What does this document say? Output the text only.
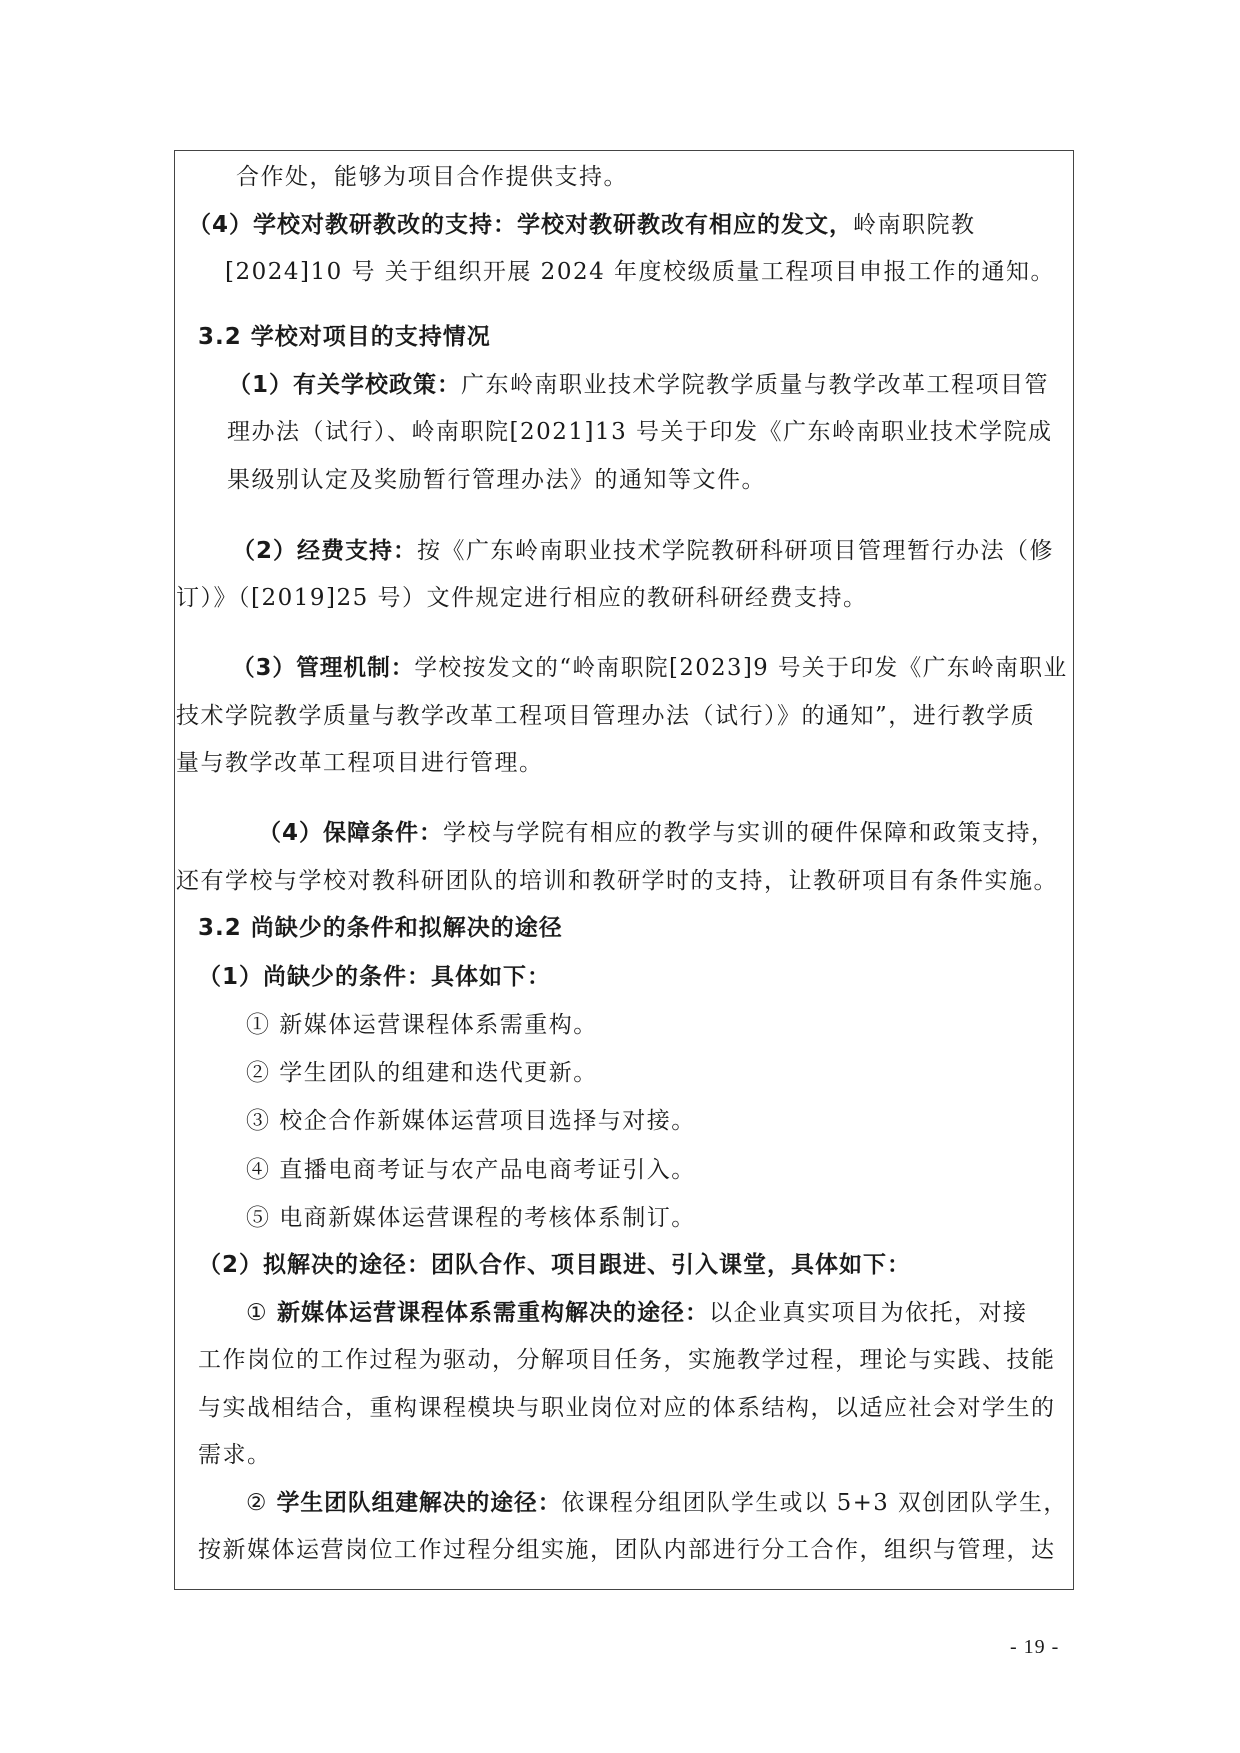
合作处，能够为项目合作提供支持。
（4）学校对教研教改的支持：学校对教研教改有相应的发文，岭南职院教
[2024]10 号 关于组织开展 2024 年度校级质量工程项目申报工作的通知。
3.2 学校对项目的支持情况
（1）有关学校政策：广东岭南职业技术学院教学质量与教学改革工程项目管
理办法（试行）、岭南职院[2021]13 号关于印发《广东岭南职业技术学院成
果级别认定及奖励暂行管理办法》的通知等文件。
（2）经费支持：按《广东岭南职业技术学院教研科研项目管理暂行办法（修
订）》（[2019]25 号）文件规定进行相应的教研科研经费支持。
（3）管理机制：学校按发文的“岭南职院[2023]9 号关于印发《广东岭南职业
技术学院教学质量与教学改革工程项目管理办法（试行）》的通知”，进行教学质
量与教学改革工程项目进行管理。
（4）保障条件：学校与学院有相应的教学与实训的硬件保障和政策支持，
还有学校与学校对教科研团队的培训和教研学时的支持，让教研项目有条件实施。
3.2 尚缺少的条件和拟解决的途径
（1）尚缺少的条件：具体如下：
① 新媒体运营课程体系需重构。
② 学生团队的组建和迭代更新。
③ 校企合作新媒体运营项目选择与对接。
④ 直播电商考证与农产品电商考证引入。
⑤ 电商新媒体运营课程的考核体系制订。
（2）拟解决的途径：团队合作、项目跟进、引入课堂，具体如下：
① 新媒体运营课程体系需重构解决的途径：以企业真实项目为依托，对接
工作岗位的工作过程为驱动，分解项目任务，实施教学过程，理论与实践、技能
与实战相结合，重构课程模块与职业岗位对应的体系结构，以适应社会对学生的
需求。
② 学生团队组建解决的途径：依课程分组团队学生或以 5+3 双创团队学生，
按新媒体运营岗位工作过程分组实施，团队内部进行分工合作，组织与管理，达
- 19 -
